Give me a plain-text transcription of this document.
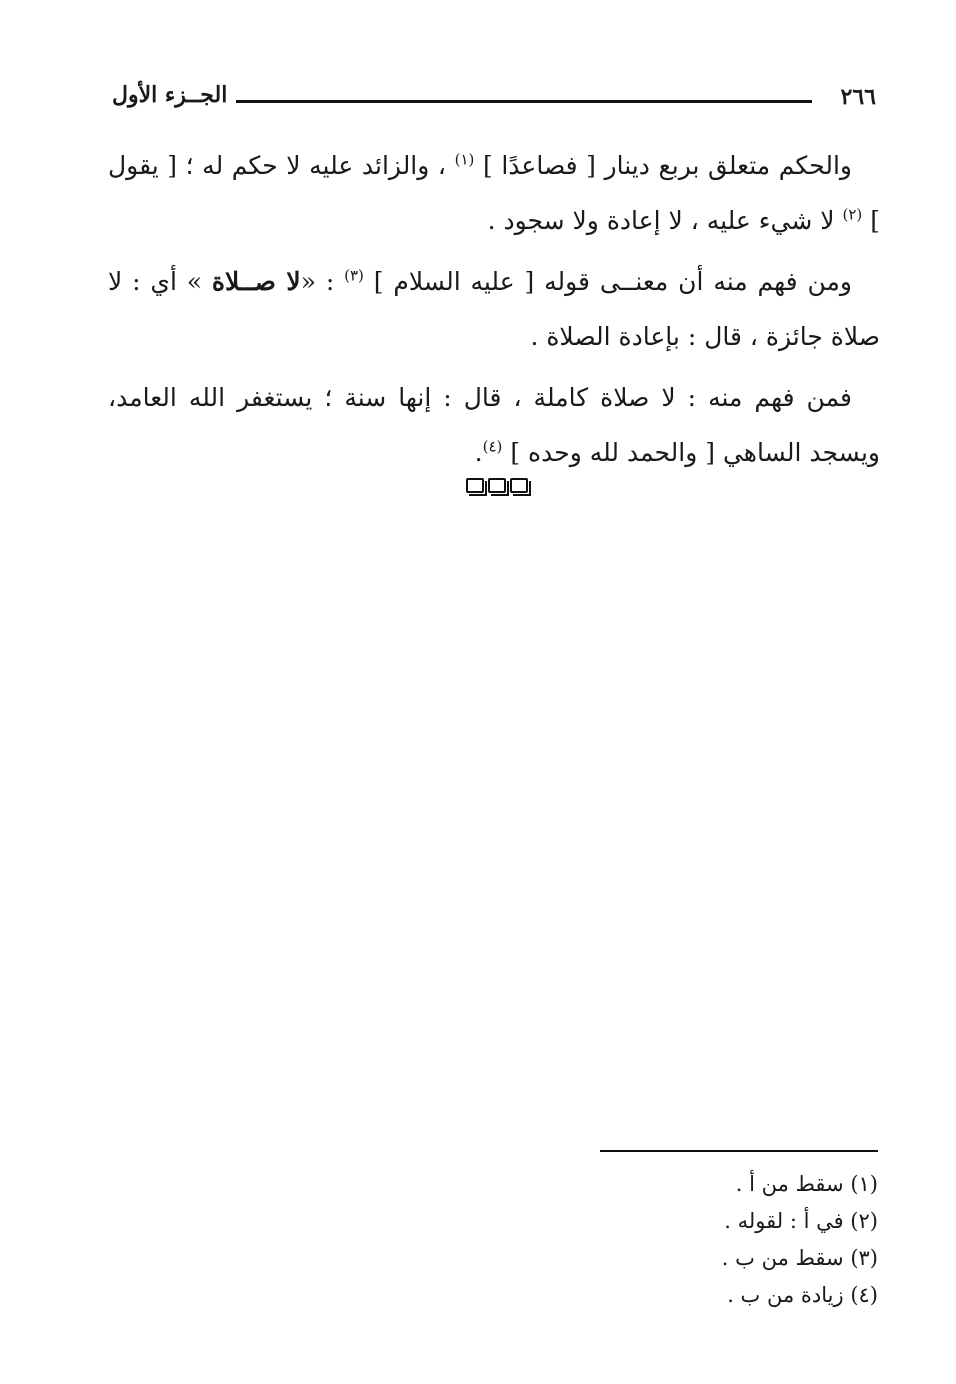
٢٦٦
الجــزء الأول

والحكم متعلق بربع دينار [ فصاعدًا ] $^{(١)}$ ، والزائد عليه لا حكم له ؛ [ يقول ] $^{(٢)}$ لا شيء عليه ، لا إعادة ولا سجود .

ومن فهم منه أن معنــى قوله [ عليه السلام ] $^{(٣)}$ : «لا صــلاة » أي : لا صلاة جائزة ، قال : بإعادة الصلاة .

فمن فهم منه : لا صلاة كاملة ، قال : إنها سنة ؛ يستغفر الله العامد، ويسجد الساهي [ والحمد لله وحده ] $^{(٤)}$.

(١) سقط من أ .
(٢) في أ : لقوله .
(٣) سقط من ب .
(٤) زيادة من ب .
